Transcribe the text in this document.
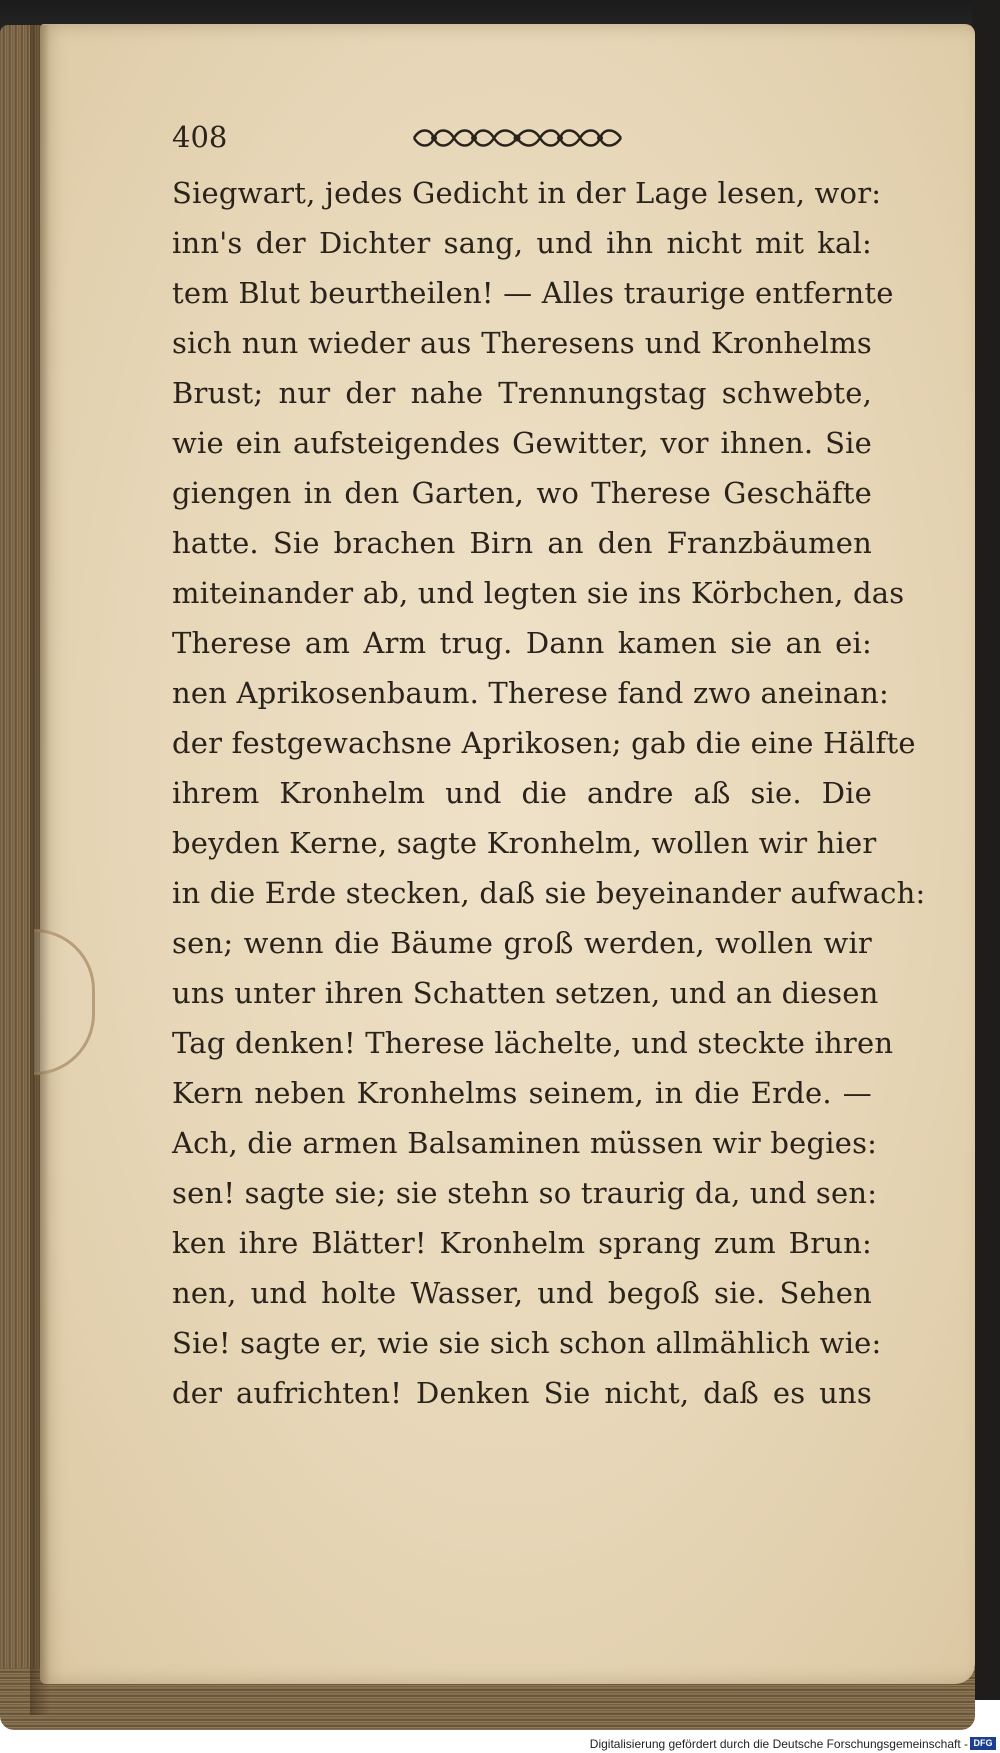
408
Siegwart, jedes Gedicht in der Lage lesen, wor:
inn's der Dichter sang, und ihn nicht mit kal:
tem Blut beurtheilen! — Alles traurige entfernte
sich nun wieder aus Theresens und Kronhelms
Brust; nur der nahe Trennungstag schwebte,
wie ein aufsteigendes Gewitter, vor ihnen. Sie
giengen in den Garten, wo Therese Geschäfte
hatte. Sie brachen Birn an den Franzbäumen
miteinander ab, und legten sie ins Körbchen, das
Therese am Arm trug. Dann kamen sie an ei:
nen Aprikosenbaum. Therese fand zwo aneinan:
der festgewachsne Aprikosen; gab die eine Hälfte
ihrem Kronhelm und die andre aß sie. Die
beyden Kerne, sagte Kronhelm, wollen wir hier
in die Erde stecken, daß sie beyeinander aufwach:
sen; wenn die Bäume groß werden, wollen wir
uns unter ihren Schatten setzen, und an diesen
Tag denken! Therese lächelte, und steckte ihren
Kern neben Kronhelms seinem, in die Erde. —
Ach, die armen Balsaminen müssen wir begies:
sen! sagte sie; sie stehn so traurig da, und sen:
ken ihre Blätter! Kronhelm sprang zum Brun:
nen, und holte Wasser, und begoß sie. Sehen
Sie! sagte er, wie sie sich schon allmählich wie:
der aufrichten! Denken Sie nicht, daß es uns
Digitalisierung gefördert durch die Deutsche Forschungsgemeinschaft - DFG
